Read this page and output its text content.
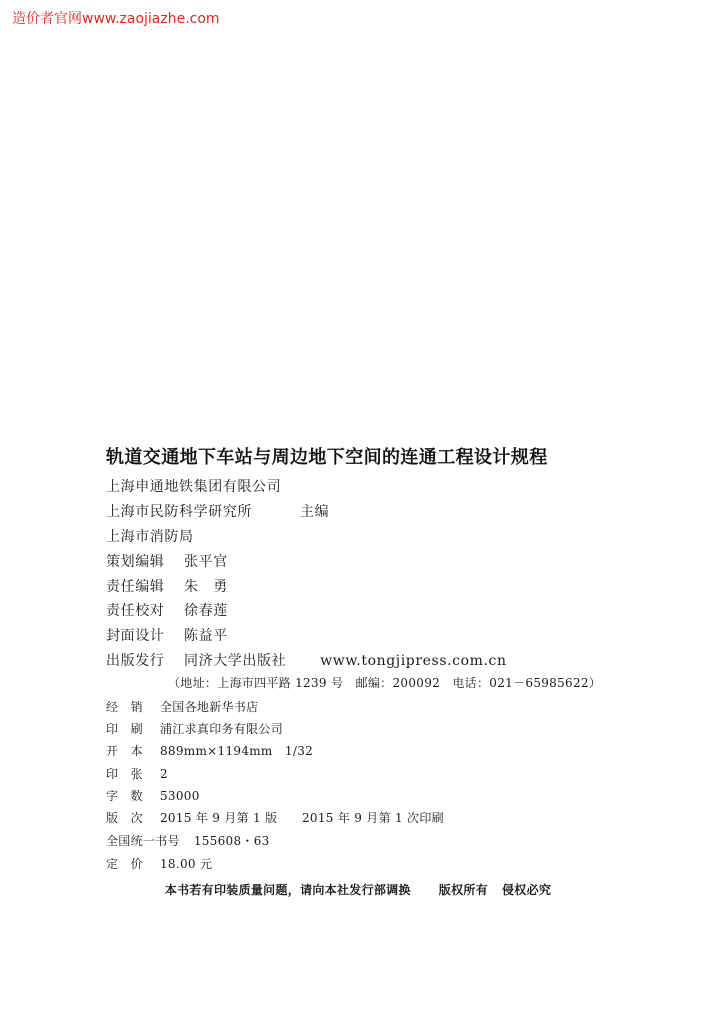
造价者官网www.zaojiazhe.com
轨道交通地下车站与周边地下空间的连通工程设计规程
上海申通地铁集团有限公司
上海市民防科学研究所	主编
上海市消防局
策划编辑 张平官
责任编辑 朱　勇
责任校对 徐春莲
封面设计 陈益平
出版发行 同济大学出版社 www.tongjipress.com.cn
（地址：上海市四平路 1239 号　邮编：200092　电话：021－65985622）
经　销 全国各地新华书店
印　刷 浦江求真印务有限公司
开　本 889mm×1194mm　1/32
印　张 2
字　数 53000
版　次 2015 年 9 月第 1 版　　2015 年 9 月第 1 次印刷
全国统一书号 155608・63
定　价 18.00 元
本书若有印装质量问题，请向本社发行部调换 版权所有 侵权必究
